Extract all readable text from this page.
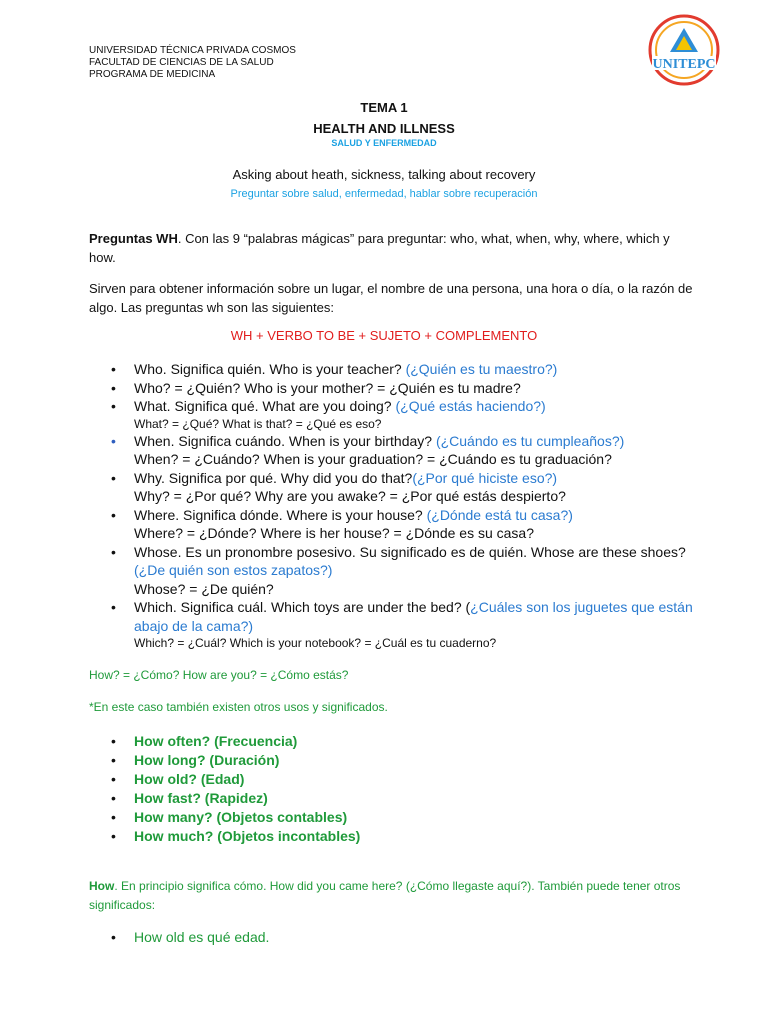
UNIVERSIDAD TÉCNICA PRIVADA COSMOS
FACULTAD DE CIENCIAS DE LA SALUD
PROGRAMA DE MEDICINA
UNITEPC
TEMA 1
HEALTH AND ILLNESS
SALUD Y ENFERMEDAD
Asking about heath, sickness, talking about recovery
Preguntar sobre salud, enfermedad, hablar sobre recuperación
Preguntas WH. Con las 9 “palabras mágicas” para preguntar: who, what, when, why, where, which y how.
Sirven para obtener información sobre un lugar, el nombre de una persona, una hora o día, o la razón de algo. Las preguntas wh son las siguientes:
WH + VERBO TO BE + SUJETO + COMPLEMENTO
• Who. Significa quién. Who is your teacher? (¿Quién es tu maestro?)
• Who? = ¿Quién? Who is your mother? = ¿Quién es tu madre?
• What. Significa qué. What are you doing? (¿Qué estás haciendo?)
What? = ¿Qué? What is that? = ¿Qué es eso?
• When. Significa cuándo. When is your birthday? (¿Cuándo es tu cumpleaños?)
When? = ¿Cuándo? When is your graduation? = ¿Cuándo es tu graduación?
• Why. Significa por qué. Why did you do that?(¿Por qué hiciste eso?)
Why? = ¿Por qué? Why are you awake? = ¿Por qué estás despierto?
• Where. Significa dónde. Where is your house? (¿Dónde está tu casa?)
Where? = ¿Dónde? Where is her house? = ¿Dónde es su casa?
• Whose. Es un pronombre posesivo. Su significado es de quién. Whose are these shoes? (¿De quién son estos zapatos?)
Whose? = ¿De quién?
• Which. Significa cuál. Which toys are under the bed? (¿Cuáles son los juguetes que están abajo de la cama?)
Which? = ¿Cuál? Which is your notebook? = ¿Cuál es tu cuaderno?
How? = ¿Cómo? How are you? = ¿Cómo estás?
*En este caso también existen otros usos y significados.
• How often? (Frecuencia)
• How long? (Duración)
• How old? (Edad)
• How fast? (Rapidez)
• How many? (Objetos contables)
• How much? (Objetos incontables)
How. En principio significa cómo. How did you came here? (¿Cómo llegaste aquí?). También puede tener otros significados:
• How old es qué edad.
